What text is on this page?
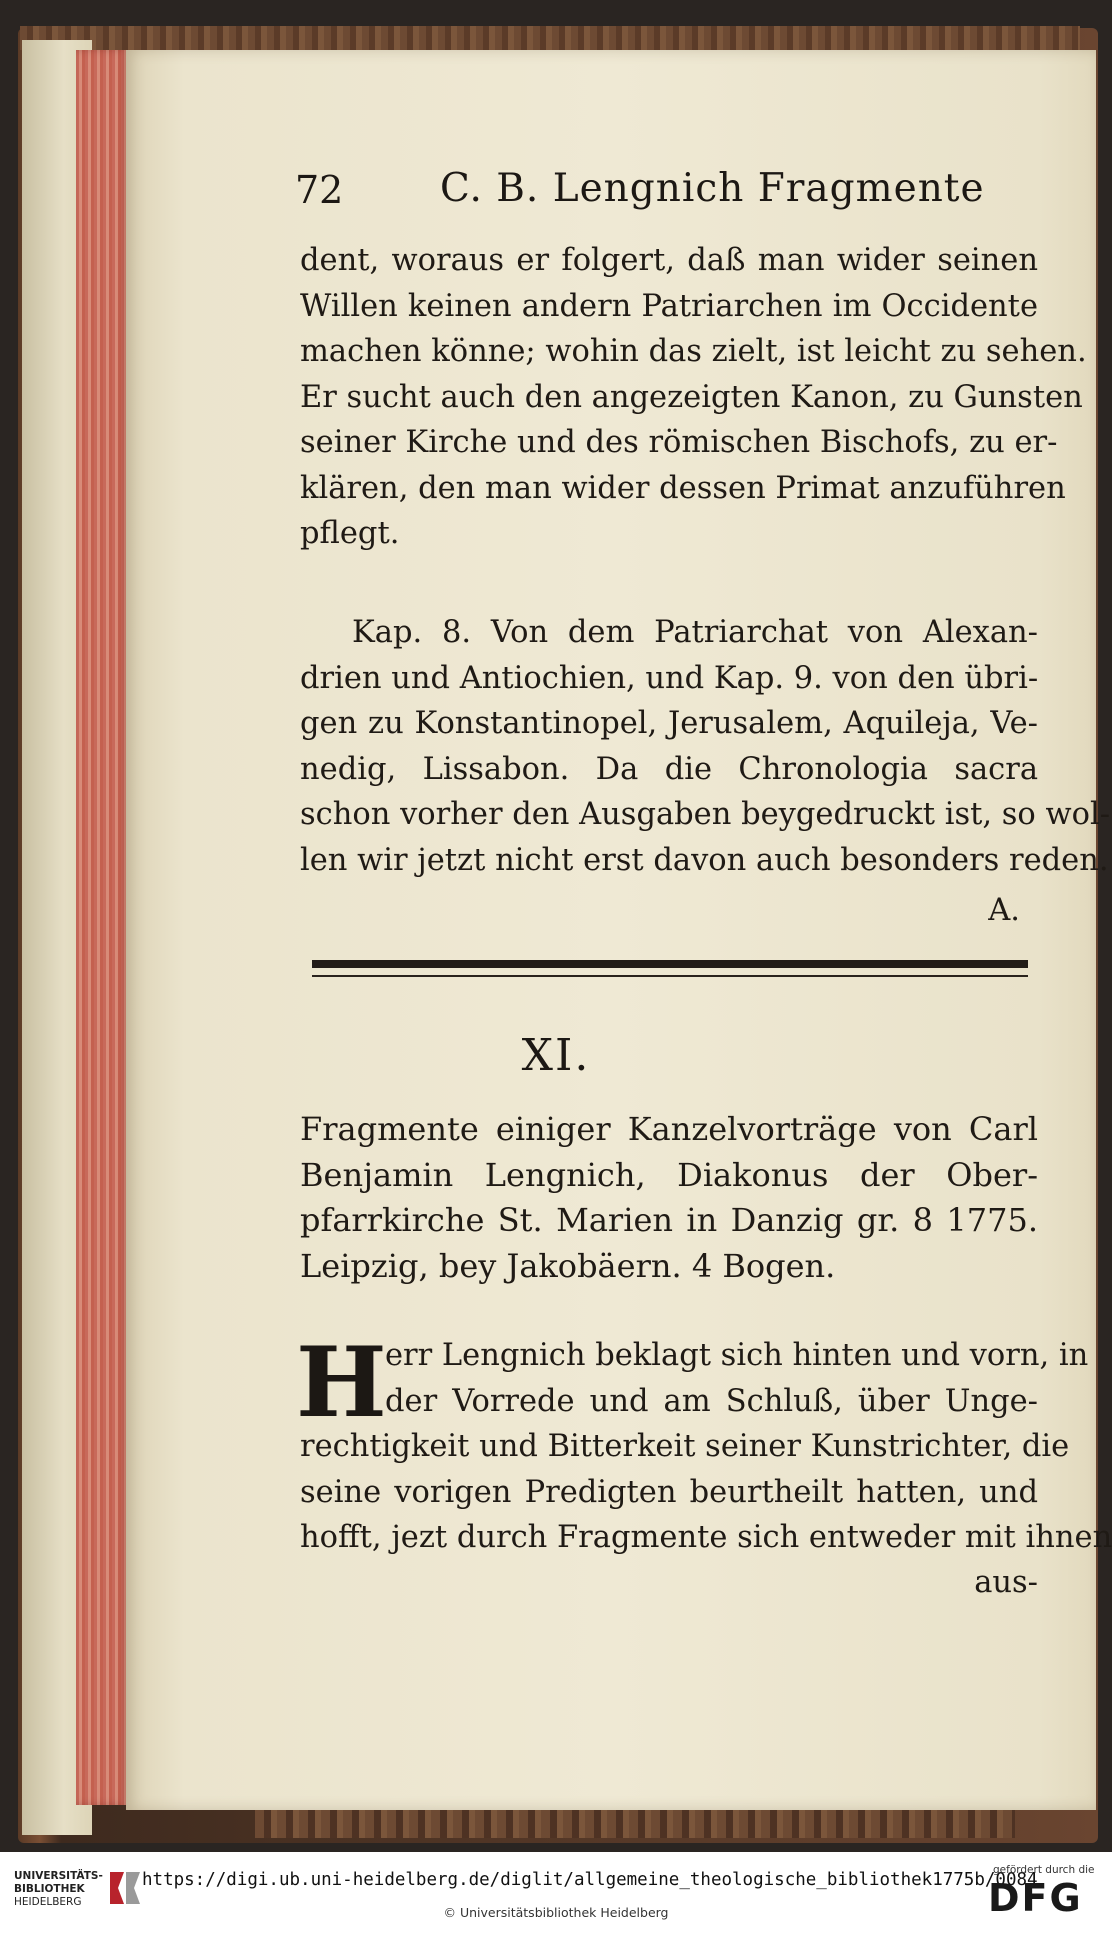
72 C. B. Lengnich Fragmente
dent, woraus er folgert, daß man wider seinen
Willen keinen andern Patriarchen im Occidente
machen könne; wohin das zielt, ist leicht zu sehen.
Er sucht auch den angezeigten Kanon, zu Gunsten
seiner Kirche und des römischen Bischofs, zu er-
klären, den man wider dessen Primat anzuführen
pflegt.
Kap. 8. Von dem Patriarchat von Alexan-
drien und Antiochien, und Kap. 9. von den übri-
gen zu Konstantinopel, Jerusalem, Aquileja, Ve-
nedig, Lissabon. Da die Chronologia sacra
schon vorher den Ausgaben beygedruckt ist, so wol-
len wir jetzt nicht erst davon auch besonders reden.
A.
XI.
Fragmente einiger Kanzelvorträge von Carl
Benjamin Lengnich, Diakonus der Ober-
pfarrkirche St. Marien in Danzig gr. 8 1775.
Leipzig, bey Jakobäern. 4 Bogen.
H
err Lengnich beklagt sich hinten und vorn, in
der Vorrede und am Schluß, über Unge-
rechtigkeit und Bitterkeit seiner Kunstrichter, die
seine vorigen Predigten beurtheilt hatten, und
hofft, jezt durch Fragmente sich entweder mit ihnen
aus-
UNIVERSITÄTS-
BIBLIOTHEK
HEIDELBERG
https://digi.ub.uni-heidelberg.de/diglit/allgemeine_theologische_bibliothek1775b/0084
© Universitätsbibliothek Heidelberg
gefördert durch die
DFG
